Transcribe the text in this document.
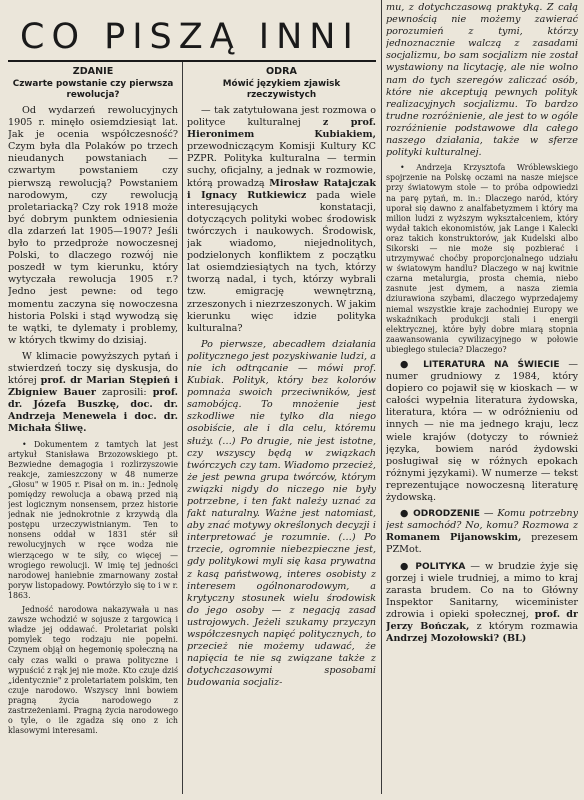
CO PISZĄ INNI

ZDANIE

Czwarte powstanie czy pierwsza rewolucja?

Od wydarzeń rewolucyjnych 1905 r. minęło osiemdziesiąt lat. Jak je ocenia współczesność? Czym była dla Polaków po trzech nieudanych powstaniach — czwartym powstaniem czy pierwszą rewolucją? Powstaniem narodowym, czy rewolucją proletariacką? Czy rok 1918 może być dobrym punktem odniesienia dla zdarzeń lat 1905—1907? Jeśli było to przedproże nowoczesnej Polski, to dlaczego rozwój nie poszedł w tym kierunku, który wytyczała rewolucja 1905 r.? Jedno jest pewne: od tego momentu zaczyna się nowoczesna historia Polski i stąd wywodzą się te wątki, te dylematy i problemy, w których tkwimy do dzisiaj.

W klimacie powyższych pytań i stwierdzeń toczy się dyskusja, do której prof. dr Marian Stępień i Zbigniew Bauer zaprosili: prof. dr. Józefa Buszkę, doc. dr. Andrzeja Menewela i doc. dr. Michała Śliwę.

• Dokumentem z tamtych lat jest artykuł Stanisława Brzozowskiego pt. Bezwiedne demagogia i rozlirzyszowie reakcje, zamieszczony w 48 numerze „Głosu" w 1905 r. Pisał on m. in.: Jednolę pomiędzy rewolucja a obawą przed nią jest logicznym nonsensem, przez historie jednak nie jednokrotnie z krzywdą dla postępu urzeczywistnianym. Ten to nonsens oddał w 1831 stér sił rewolucyjnych w ręce wodza nie wierzącego w te siły, co więcej — wrogiego rewolucji. W imię tej jedności narodowej haniebnie zmarnowany został poryw listopadowy. Powtórzyło się to i w r. 1863.

Jedność narodowa nakazywała u nas zawsze wchodzić w sojusze z targowicą i władze jej oddawać. Proletariat polski pomylek tego rodzaju nie popełni. Czynem objął on hegemonię społeczną na cały czas walki o prawa polityczne i wypuścić z rąk jej nie może. Kto czuje dziś „identycznie" z proletariatem polskim, ten czuje narodowo. Wszyscy inni bowiem pragną życia narodowego z zastrzeżeniami. Pragną życia narodowego o tyle, o ile zgadza się ono z ich klasowymi interesami.

ODRA

Mówić językiem zjawisk rzeczywistych

— tak zatytułowana jest rozmowa o polityce kulturalnej z prof. Hieronimem Kubiakiem, przewodniczącym Komisji Kultury KC PZPR. Polityka kulturalna — termin suchy, oficjalny, a jednak w rozmowie, którą prowadzą Mirosław Ratajczak i Ignacy Rutkiewicz pada wiele interesujących konstatacji, dotyczących polityki wobec środowisk twórczych i naukowych. Środowisk, jak wiadomo, niejednolitych, podzielonych konfliktem z początku lat osiemdziesiątych na tych, którzy tworzą nadal, i tych, którzy wybrali tzw. emigrację wewnętrzną, zrzeszonych i niezrzeszonych. W jakim kierunku więc idzie polityka kulturalna?

Po pierwsze, abecadłem działania politycznego jest pozyskiwanie ludzi, a nie ich odtrącanie — mówi prof. Kubiak. Polityk, który bez kolorów pomnaża swoich przeciwników, jest samobójcą. To mnożenie jest szkodliwe nie tylko dla niego osobiście, ale i dla celu, któremu służy. (…) Po drugie, nie jest istotne, czy wszyscy będą w związkach twórczych czy tam. Wiadomo przecież, że jest pewna grupa twórców, którym związki nigdy do niczego nie były potrzebne, i ten fakt należy uznać za fakt naturalny. Ważne jest natomiast, aby znać motywy określonych decyzji i interpretować je rozumnie. (…) Po trzecie, ogromnie niebezpieczne jest, gdy politykowi myli się kasa prywatna z kasą państwową, interes osobisty z interesem ogólnonarodowym, a krytyczny stosunek wielu środowisk do jego osoby — z negacją zasad ustrojowych. Jeżeli szukamy przyczyn współczesnych napięć politycznych, to przecież nie możemy udawać, że napięcia te nie są związane także z dotychczasowymi sposobami budowania socjaliz-

mu, z dotychczasową praktyką. Z całą pewnością nie możemy zawierać porozumień z tymi, którzy jednoznacznie walczą z zasadami socjalizmu, bo sam socjalizm nie został wystawiony na licytację, ale nie wolno nam do tych szeregów zaliczać osób, które nie akceptują pewnych polityk realizacyjnych socjalizmu. To bardzo trudne rozróżnienie, ale jest to w ogóle rozróżnienie podstawowe dla całego naszego działania, także w sferze polityki kulturalnej.

• Andrzeja Krzysztofa Wróblewskiego spojrzenie na Polskę oczami na nasze miejsce przy światowym stole — to próba odpowiedzi na parę pytań, m. in.: Dlaczego naród, który uporał się dawno z analfabetyzmem i który ma milion ludzi z wyższym wykształceniem, który wydał takich ekonomistów, jak Lange i Kalecki oraz takich konstruktorów, jak Kudelski albo Sikorski — nie może się pozbierać i utrzymywać choćby proporcjonalnego udziału w światowym handlu? Dlaczego w naj kwitnie czarna metalurgia, prosta chemia, niebo zasnute jest dymem, a nasza ziemia dziurawiona szybami, dlaczego wyprzedajemy niemal wszystkie kraje zachodniej Europy we wskaźnikach produkcji stali i energii elektrycznej, które były dobre miarą stopnia zaawansowania cywilizacyjnego w połowie ubiegłego stulecia? Dlaczego?

● LITERATURA NA ŚWIECIE — numer grudniowy z 1984, który dopiero co pojawił się w kioskach — w całości wypełnia literatura żydowska, literatura, która — w odróżnieniu od innych — nie ma jednego kraju, lecz wiele krajów (dotyczy to również języka, bowiem naród żydowski posługiwał się w różnych epokach różnymi językami). W numerze — tekst reprezentujące nowoczesną literaturę żydowską.

● ODRODZENIE — Komu potrzebny jest samochód? No, komu? Rozmowa z Romanem Pijanowskim, prezesem PZMot.

● POLITYKA — w brudzie żyje się gorzej i wiele trudniej, a mimo to kraj zarasta brudem. Co na to Główny Inspektor Sanitarny, wiceminister zdrowia i opieki społecznej, prof. dr Jerzy Bończak, z którym rozmawia Andrzej Mozołowski? (BL)
